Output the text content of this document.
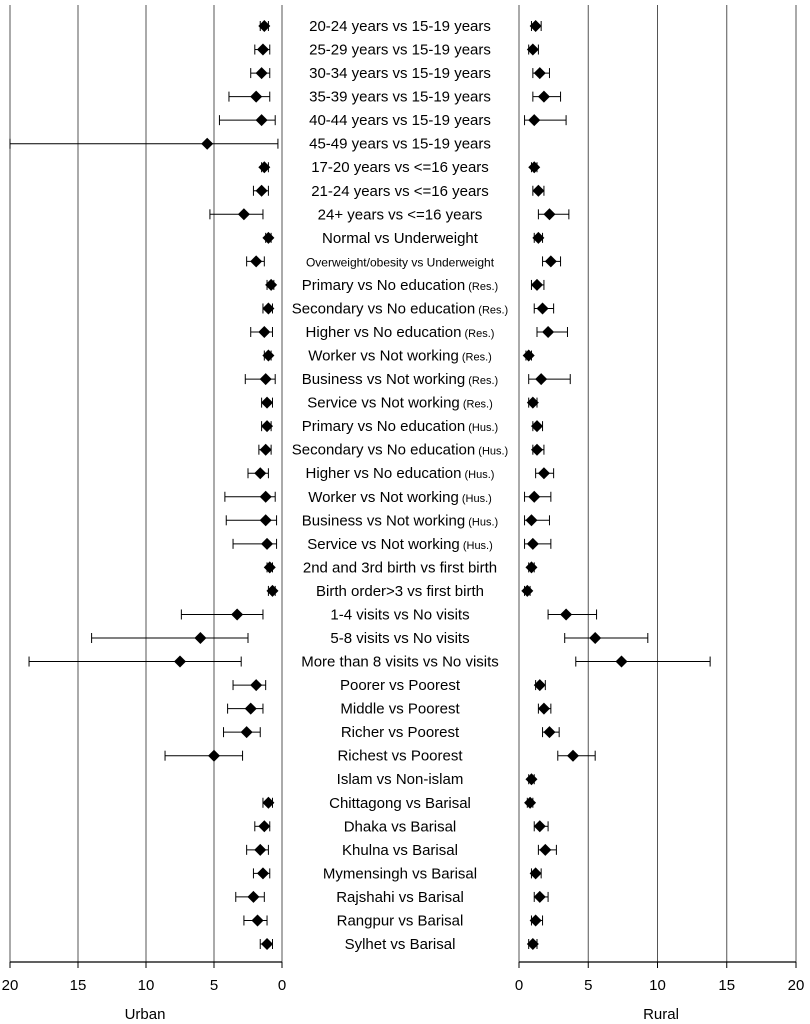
20	15	10	5	0	0	5	10	15	20
20-24 years vs 15-19 years
25-29 years vs 15-19 years
30-34 years vs 15-19 years
35-39 years vs 15-19 years
40-44 years vs 15-19 years
45-49 years vs 15-19 years
17-20 years vs <=16 years
21-24 years vs <=16 years
24+ years vs <=16 years
Normal vs Underweight
Overweight/obesity vs Underweight
Primary vs No education (Res.)
Secondary vs No education (Res.)
Higher vs No education (Res.)
Worker vs Not working (Res.)
Business vs Not working (Res.)
Service vs Not working (Res.)
Primary vs No education (Hus.)
Secondary vs No education (Hus.)
Higher vs No education (Hus.)
Worker vs Not working (Hus.)
Business vs Not working (Hus.)
Service vs Not working (Hus.)
2nd and 3rd birth vs first birth
Birth order>3 vs first birth
1-4 visits vs No visits
5-8 visits vs No visits
More than 8 visits vs No visits
Poorer vs Poorest
Middle vs Poorest
Richer vs Poorest
Richest vs Poorest
Islam vs Non-islam
Chittagong vs Barisal
Dhaka vs Barisal
Khulna vs Barisal
Mymensingh vs Barisal
Rajshahi vs Barisal
Rangpur vs Barisal
Sylhet vs Barisal
Urban	Rural
